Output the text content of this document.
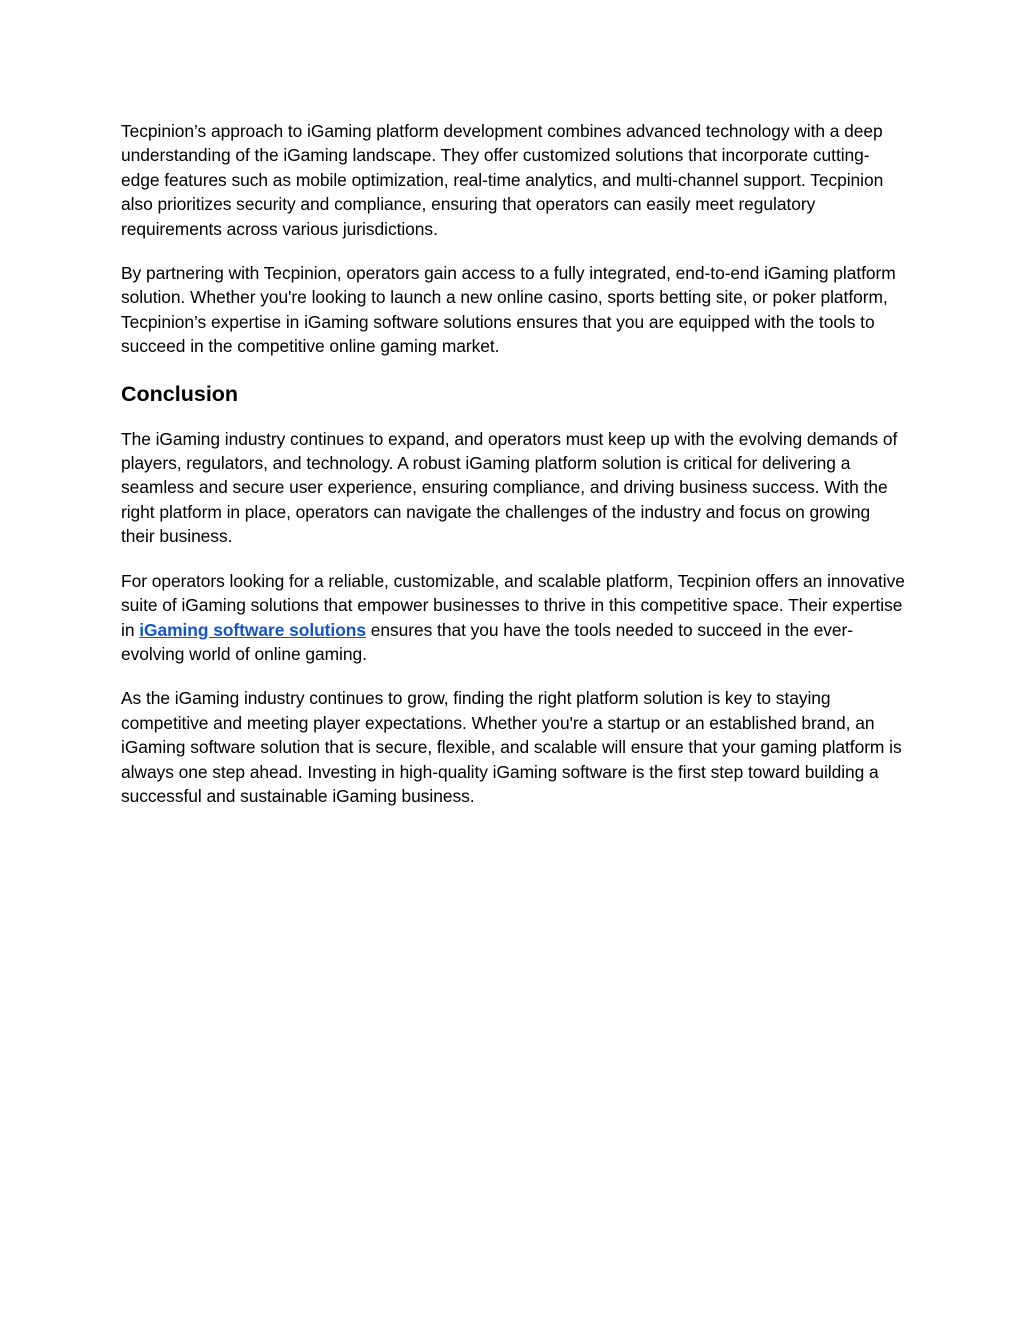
Tecpinion’s approach to iGaming platform development combines advanced technology with a deep understanding of the iGaming landscape. They offer customized solutions that incorporate cutting-edge features such as mobile optimization, real-time analytics, and multi-channel support. Tecpinion also prioritizes security and compliance, ensuring that operators can easily meet regulatory requirements across various jurisdictions.

By partnering with Tecpinion, operators gain access to a fully integrated, end-to-end iGaming platform solution. Whether you're looking to launch a new online casino, sports betting site, or poker platform, Tecpinion’s expertise in iGaming software solutions ensures that you are equipped with the tools to succeed in the competitive online gaming market.

Conclusion

The iGaming industry continues to expand, and operators must keep up with the evolving demands of players, regulators, and technology. A robust iGaming platform solution is critical for delivering a seamless and secure user experience, ensuring compliance, and driving business success. With the right platform in place, operators can navigate the challenges of the industry and focus on growing their business.

For operators looking for a reliable, customizable, and scalable platform, Tecpinion offers an innovative suite of iGaming solutions that empower businesses to thrive in this competitive space. Their expertise in iGaming software solutions ensures that you have the tools needed to succeed in the ever-evolving world of online gaming.

As the iGaming industry continues to grow, finding the right platform solution is key to staying competitive and meeting player expectations. Whether you're a startup or an established brand, an iGaming software solution that is secure, flexible, and scalable will ensure that your gaming platform is always one step ahead. Investing in high-quality iGaming software is the first step toward building a successful and sustainable iGaming business.
